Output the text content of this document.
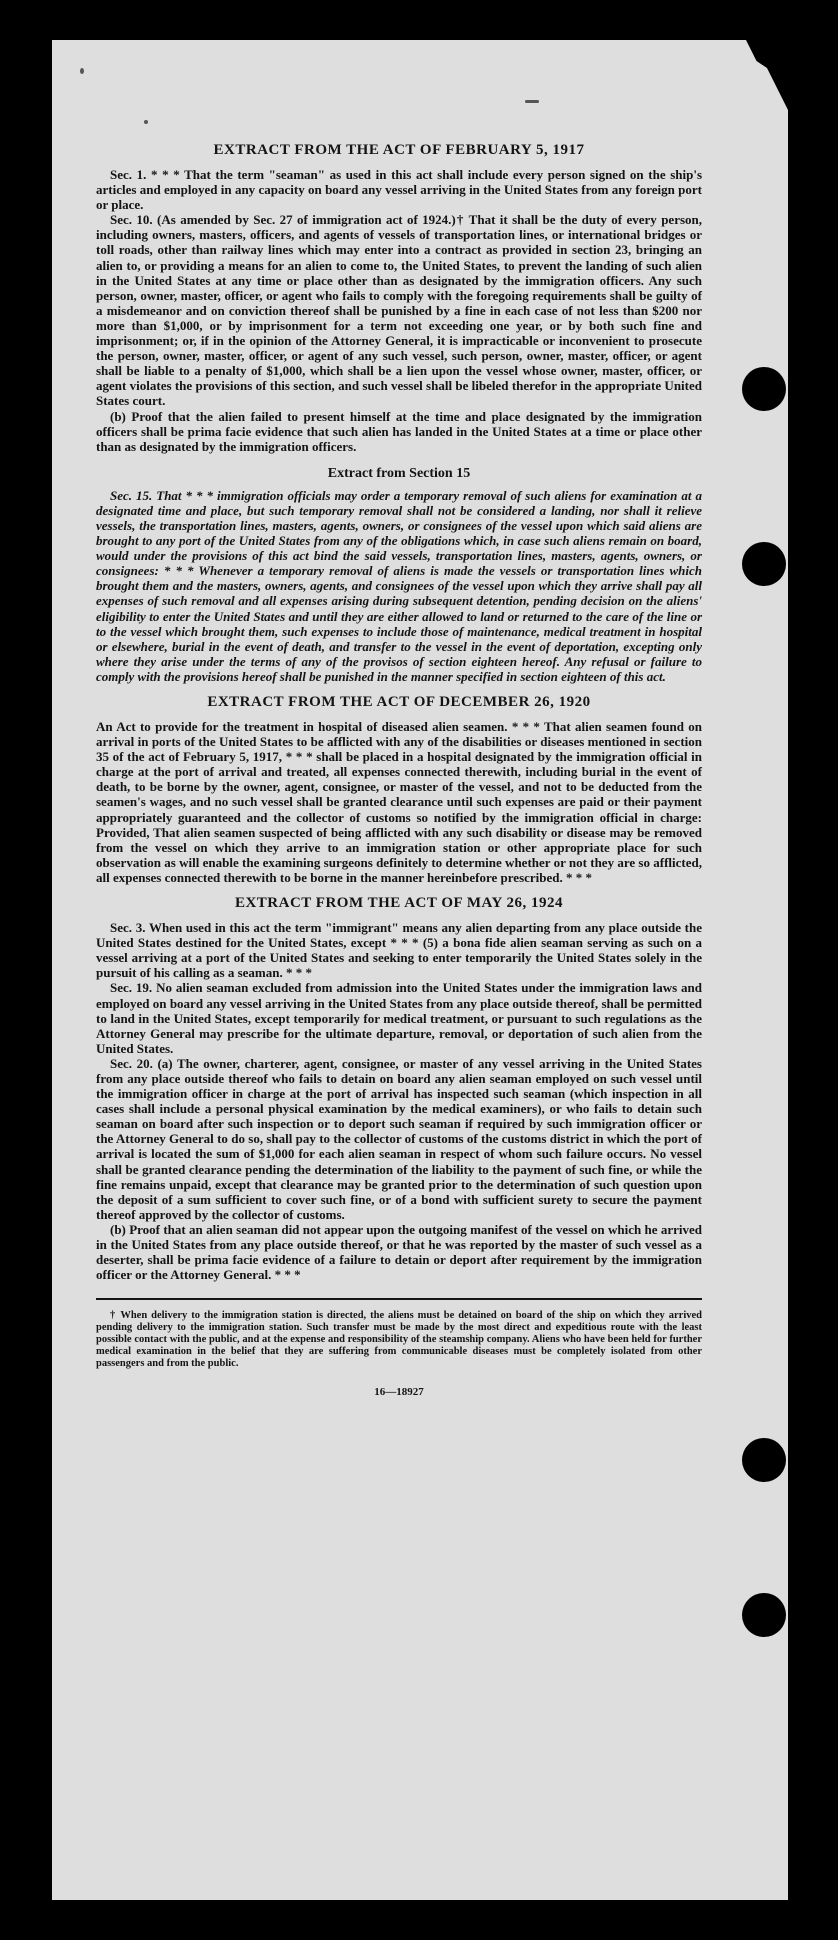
EXTRACT FROM THE ACT OF FEBRUARY 5, 1917

Sec. 1. * * * That the term "seaman" as used in this act shall include every person signed on the ship's articles and employed in any capacity on board any vessel arriving in the United States from any foreign port or place.

Sec. 10. (As amended by Sec. 27 of immigration act of 1924.)† That it shall be the duty of every person, including owners, masters, officers, and agents of vessels of transportation lines, or international bridges or toll roads, other than railway lines which may enter into a contract as provided in section 23, bringing an alien to, or providing a means for an alien to come to, the United States, to prevent the landing of such alien in the United States at any time or place other than as designated by the immigration officers. Any such person, owner, master, officer, or agent who fails to comply with the foregoing requirements shall be guilty of a misdemeanor and on conviction thereof shall be punished by a fine in each case of not less than $200 nor more than $1,000, or by imprisonment for a term not exceeding one year, or by both such fine and imprisonment; or, if in the opinion of the Attorney General, it is impracticable or inconvenient to prosecute the person, owner, master, officer, or agent of any such vessel, such person, owner, master, officer, or agent shall be liable to a penalty of $1,000, which shall be a lien upon the vessel whose owner, master, officer, or agent violates the provisions of this section, and such vessel shall be libeled therefor in the appropriate United States court.

(b) Proof that the alien failed to present himself at the time and place designated by the immigration officers shall be prima facie evidence that such alien has landed in the United States at a time or place other than as designated by the immigration officers.

Extract from Section 15

Sec. 15. That * * * immigration officials may order a temporary removal of such aliens for examination at a designated time and place, but such temporary removal shall not be considered a landing, nor shall it relieve vessels, the transportation lines, masters, agents, owners, or consignees of the vessel upon which said aliens are brought to any port of the United States from any of the obligations which, in case such aliens remain on board, would under the provisions of this act bind the said vessels, transportation lines, masters, agents, owners, or consignees: * * * Whenever a temporary removal of aliens is made the vessels or transportation lines which brought them and the masters, owners, agents, and consignees of the vessel upon which they arrive shall pay all expenses of such removal and all expenses arising during subsequent detention, pending decision on the aliens' eligibility to enter the United States and until they are either allowed to land or returned to the care of the line or to the vessel which brought them, such expenses to include those of maintenance, medical treatment in hospital or elsewhere, burial in the event of death, and transfer to the vessel in the event of deportation, excepting only where they arise under the terms of any of the provisos of section eighteen hereof. Any refusal or failure to comply with the provisions hereof shall be punished in the manner specified in section eighteen of this act.

EXTRACT FROM THE ACT OF DECEMBER 26, 1920

An Act to provide for the treatment in hospital of diseased alien seamen. * * * That alien seamen found on arrival in ports of the United States to be afflicted with any of the disabilities or diseases mentioned in section 35 of the act of February 5, 1917, * * * shall be placed in a hospital designated by the immigration official in charge at the port of arrival and treated, all expenses connected therewith, including burial in the event of death, to be borne by the owner, agent, consignee, or master of the vessel, and not to be deducted from the seamen's wages, and no such vessel shall be granted clearance until such expenses are paid or their payment appropriately guaranteed and the collector of customs so notified by the immigration official in charge: Provided, That alien seamen suspected of being afflicted with any such disability or disease may be removed from the vessel on which they arrive to an immigration station or other appropriate place for such observation as will enable the examining surgeons definitely to determine whether or not they are so afflicted, all expenses connected therewith to be borne in the manner hereinbefore prescribed. * * *

EXTRACT FROM THE ACT OF MAY 26, 1924

Sec. 3. When used in this act the term "immigrant" means any alien departing from any place outside the United States destined for the United States, except * * * (5) a bona fide alien seaman serving as such on a vessel arriving at a port of the United States and seeking to enter temporarily the United States solely in the pursuit of his calling as a seaman. * * *

Sec. 19. No alien seaman excluded from admission into the United States under the immigration laws and employed on board any vessel arriving in the United States from any place outside thereof, shall be permitted to land in the United States, except temporarily for medical treatment, or pursuant to such regulations as the Attorney General may prescribe for the ultimate departure, removal, or deportation of such alien from the United States.

Sec. 20. (a) The owner, charterer, agent, consignee, or master of any vessel arriving in the United States from any place outside thereof who fails to detain on board any alien seaman employed on such vessel until the immigration officer in charge at the port of arrival has inspected such seaman (which inspection in all cases shall include a personal physical examination by the medical examiners), or who fails to detain such seaman on board after such inspection or to deport such seaman if required by such immigration officer or the Attorney General to do so, shall pay to the collector of customs of the customs district in which the port of arrival is located the sum of $1,000 for each alien seaman in respect of whom such failure occurs. No vessel shall be granted clearance pending the determination of the liability to the payment of such fine, or while the fine remains unpaid, except that clearance may be granted prior to the determination of such question upon the deposit of a sum sufficient to cover such fine, or of a bond with sufficient surety to secure the payment thereof approved by the collector of customs.

(b) Proof that an alien seaman did not appear upon the outgoing manifest of the vessel on which he arrived in the United States from any place outside thereof, or that he was reported by the master of such vessel as a deserter, shall be prima facie evidence of a failure to detain or deport after requirement by the immigration officer or the Attorney General. * * *

† When delivery to the immigration station is directed, the aliens must be detained on board of the ship on which they arrived pending delivery to the immigration station. Such transfer must be made by the most direct and expeditious route with the least possible contact with the public, and at the expense and responsibility of the steamship company. Aliens who have been held for further medical examination in the belief that they are suffering from communicable diseases must be completely isolated from other passengers and from the public.

16—18927
